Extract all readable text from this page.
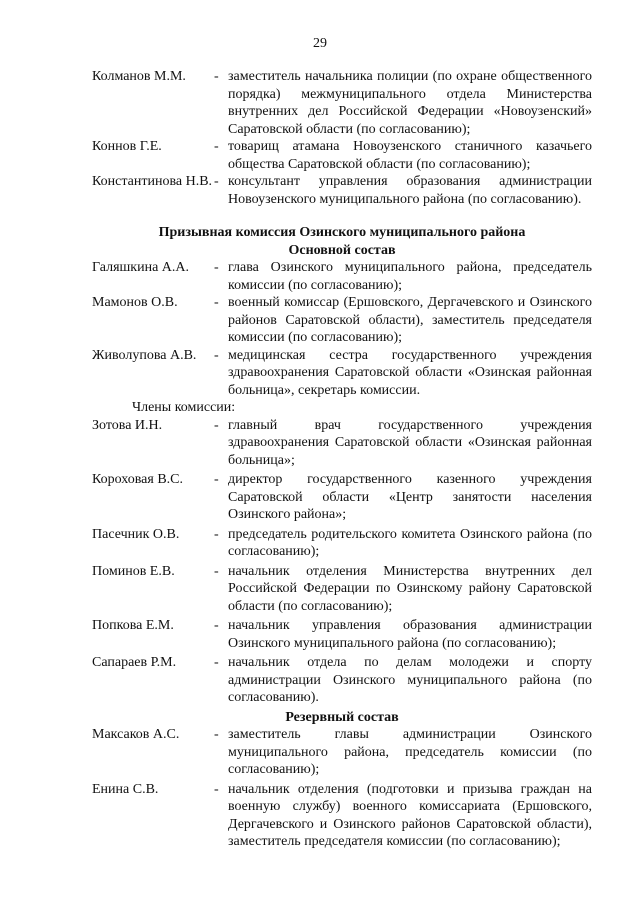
29
Колманов М.М.	- заместитель начальника полиции (по охране общественного порядка) межмуниципального отдела Министерства внутренних дел Российской Федерации «Новоузенский» Саратовской области (по согласованию);
Коннов Г.Е.	- товарищ атамана Новоузенского станичного казачьего общества Саратовской области (по согласованию);
Константинова Н.В. - консультант управления образования администрации Новоузенского муниципального района (по согласованию).
Призывная комиссия Озинского муниципального района
Основной состав
Галяшкина А.А.	- глава Озинского муниципального района, председатель комиссии (по согласованию);
Мамонов О.В.	- военный комиссар (Ершовского, Дергачевского и Озинского районов Саратовской области), заместитель председателя комиссии (по согласованию);
Живолупова А.В.	- медицинская сестра государственного учреждения здравоохранения Саратовской области «Озинская районная больница», секретарь комиссии.
Члены комиссии:
Зотова И.Н.	- главный врач государственного учреждения здравоохранения Саратовской области «Озинская районная больница»;
Короховая В.С.	- директор государственного казенного учреждения Саратовской области «Центр занятости населения Озинского района»;
Пасечник О.В.	- председатель родительского комитета Озинского района (по согласованию);
Поминов Е.В.	- начальник отделения Министерства внутренних дел Российской Федерации по Озинскому району Саратовской области (по согласованию);
Попкова Е.М.	- начальник управления образования администрации Озинского муниципального района (по согласованию);
Сапараев Р.М.	- начальник отдела по делам молодежи и спорту администрации Озинского муниципального района (по согласованию).
Резервный состав
Максаков А.С.	- заместитель главы администрации Озинского муниципального района, председатель комиссии (по согласованию);
Енина С.В.	- начальник отделения (подготовки и призыва граждан на военную службу) военного комиссариата (Ершовского, Дергачевского и Озинского районов Саратовской области), заместитель председателя комиссии (по согласованию);
